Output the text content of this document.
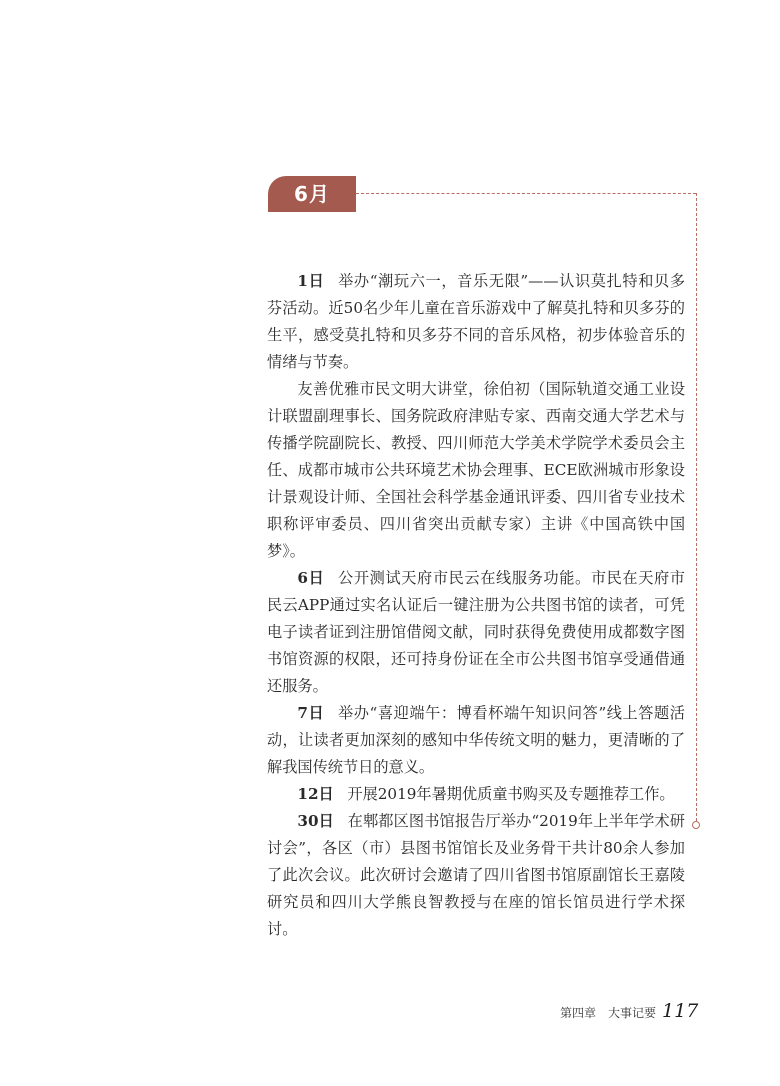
6月

1日 举办“潮玩六一，音乐无限”——认识莫扎特和贝多芬活动。近50名少年儿童在音乐游戏中了解莫扎特和贝多芬的生平，感受莫扎特和贝多芬不同的音乐风格，初步体验音乐的情绪与节奏。

友善优雅市民文明大讲堂，徐伯初（国际轨道交通工业设计联盟副理事长、国务院政府津贴专家、西南交通大学艺术与传播学院副院长、教授、四川师范大学美术学院学术委员会主任、成都市城市公共环境艺术协会理事、ECE欧洲城市形象设计景观设计师、全国社会科学基金通讯评委、四川省专业技术职称评审委员、四川省突出贡献专家）主讲《中国高铁中国梦》。

6日 公开测试天府市民云在线服务功能。市民在天府市民云APP通过实名认证后一键注册为公共图书馆的读者，可凭电子读者证到注册馆借阅文献，同时获得免费使用成都数字图书馆资源的权限，还可持身份证在全市公共图书馆享受通借通还服务。

7日 举办“喜迎端午：博看杯端午知识问答”线上答题活动，让读者更加深刻的感知中华传统文明的魅力，更清晰的了解我国传统节日的意义。

12日 开展2019年暑期优质童书购买及专题推荐工作。

30日 在郫都区图书馆报告厅举办“2019年上半年学术研讨会”，各区（市）县图书馆馆长及业务骨干共计80余人参加了此次会议。此次研讨会邀请了四川省图书馆原副馆长王嘉陵研究员和四川大学熊良智教授与在座的馆长馆员进行学术探讨。

第四章　大事记要 117
